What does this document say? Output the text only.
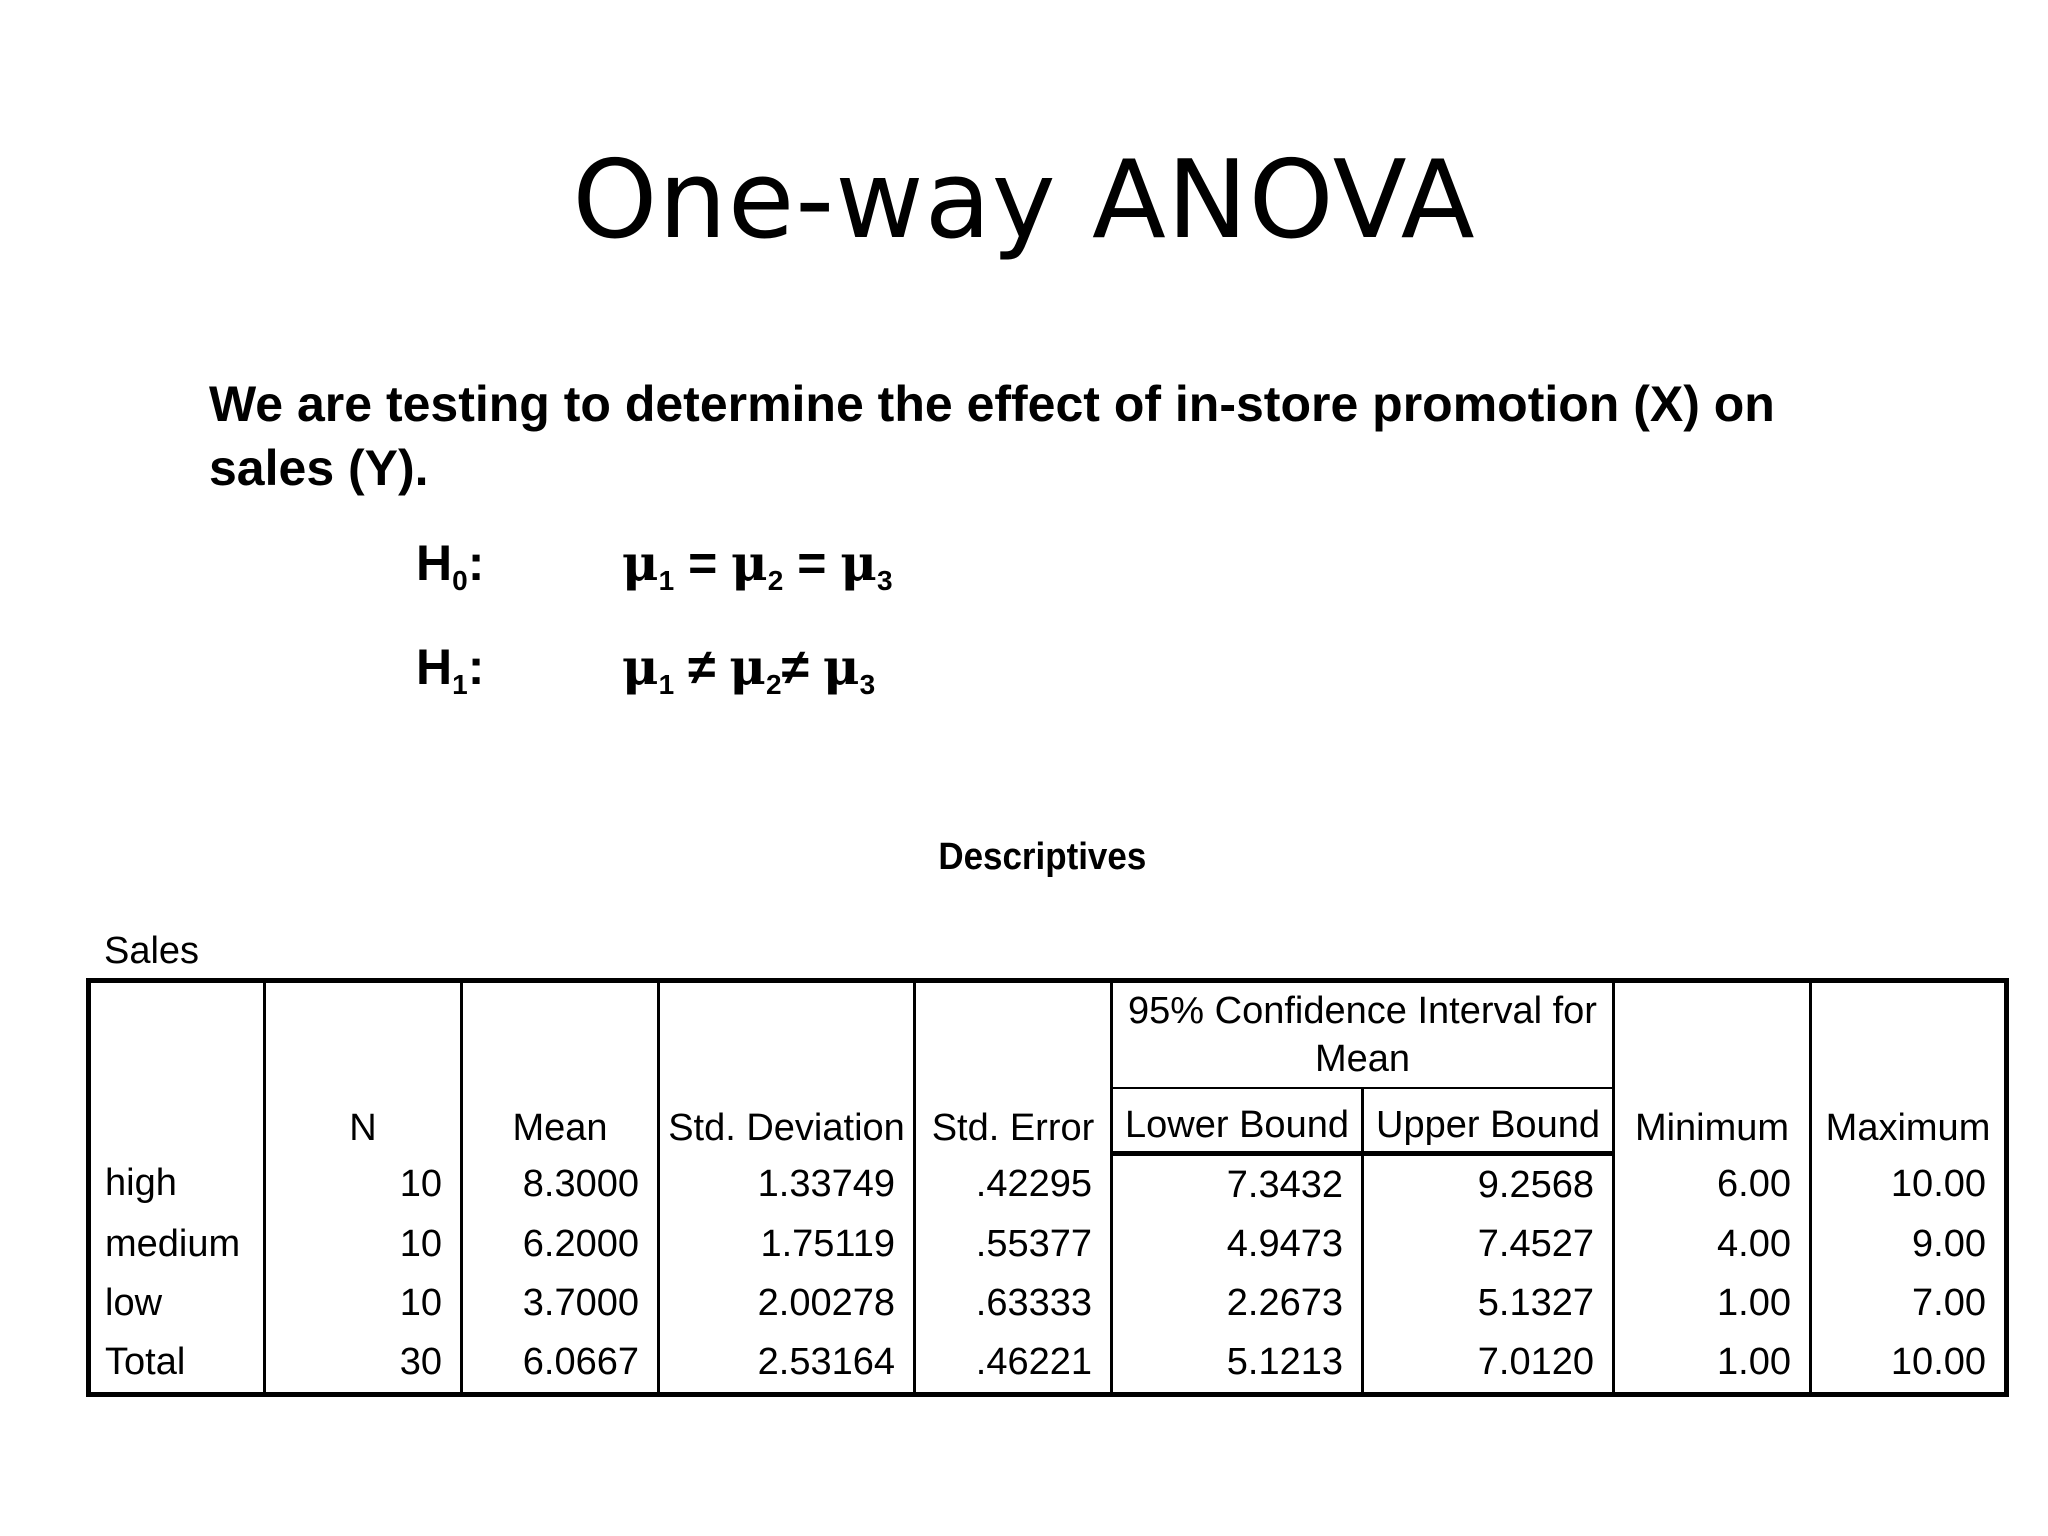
One-way ANOVA
We are testing to determine the effect of in-store promotion (X) on
sales (Y).
$H_0$:	$\mu_1 = \mu_2 = \mu_3$
$H_1$:	$\mu_1 \ne \mu_2\ne \mu_3$
Descriptives
Sales
	N	Mean	Std. Deviation	Std. Error	95% Confidence Interval for Mean		Minimum	Maximum
					Lower Bound	Upper Bound		
high	10	8.3000	1.33749	.42295	7.3432	9.2568	6.00	10.00
medium	10	6.2000	1.75119	.55377	4.9473	7.4527	4.00	9.00
low	10	3.7000	2.00278	.63333	2.2673	5.1327	1.00	7.00
Total	30	6.0667	2.53164	.46221	5.1213	7.0120	1.00	10.00
